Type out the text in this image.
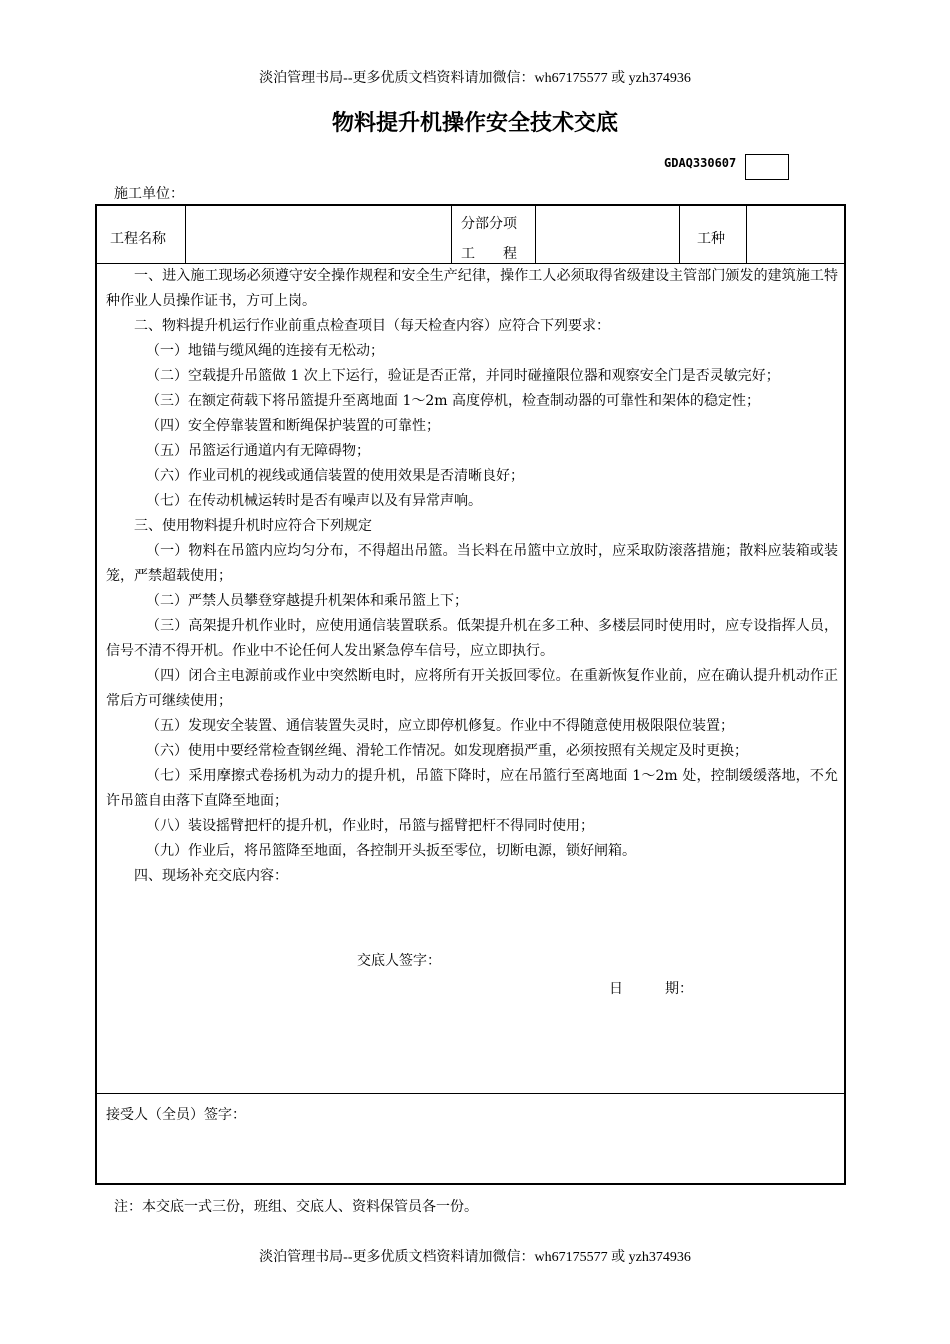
淡泊管理书局--更多优质文档资料请加微信：wh67175577 或 yzh374936
物料提升机操作安全技术交底
GDAQ330607
施工单位：
工程名称
分部分项
工　　程
工种

一、进入施工现场必须遵守安全操作规程和安全生产纪律，操作工人必须取得省级建设主管部门颁发的建筑施工特种作业人员操作证书，方可上岗。

二、物料提升机运行作业前重点检查项目（每天检查内容）应符合下列要求：

（一）地锚与缆风绳的连接有无松动；

（二）空载提升吊篮做 1 次上下运行，验证是否正常，并同时碰撞限位器和观察安全门是否灵敏完好；

（三）在额定荷载下将吊篮提升至离地面 1～2m 高度停机，检查制动器的可靠性和架体的稳定性；

（四）安全停靠装置和断绳保护装置的可靠性；

（五）吊篮运行通道内有无障碍物；

（六）作业司机的视线或通信装置的使用效果是否清晰良好；

（七）在传动机械运转时是否有噪声以及有异常声响。

三、使用物料提升机时应符合下列规定

（一）物料在吊篮内应均匀分布，不得超出吊篮。当长料在吊篮中立放时，应采取防滚落措施；散料应装箱或装笼，严禁超载使用；

（二）严禁人员攀登穿越提升机架体和乘吊篮上下；

（三）高架提升机作业时，应使用通信装置联系。低架提升机在多工种、多楼层同时使用时，应专设指挥人员，信号不清不得开机。作业中不论任何人发出紧急停车信号，应立即执行。

（四）闭合主电源前或作业中突然断电时，应将所有开关扳回零位。在重新恢复作业前，应在确认提升机动作正常后方可继续使用；

（五）发现安全装置、通信装置失灵时，应立即停机修复。作业中不得随意使用极限限位装置；

（六）使用中要经常检查钢丝绳、滑轮工作情况。如发现磨损严重，必须按照有关规定及时更换；

（七）采用摩擦式卷扬机为动力的提升机，吊篮下降时，应在吊篮行至离地面 1～2m 处，控制缓缓落地，不允许吊篮自由落下直降至地面；

（八）装设摇臂把杆的提升机，作业时，吊篮与摇臂把杆不得同时使用；

（九）作业后，将吊篮降至地面，各控制开头扳至零位，切断电源，锁好闸箱。

四、现场补充交底内容：

交底人签字：
日　　　期：
接受人（全员）签字：
注：本交底一式三份，班组、交底人、资料保管员各一份。
淡泊管理书局--更多优质文档资料请加微信：wh67175577 或 yzh374936
